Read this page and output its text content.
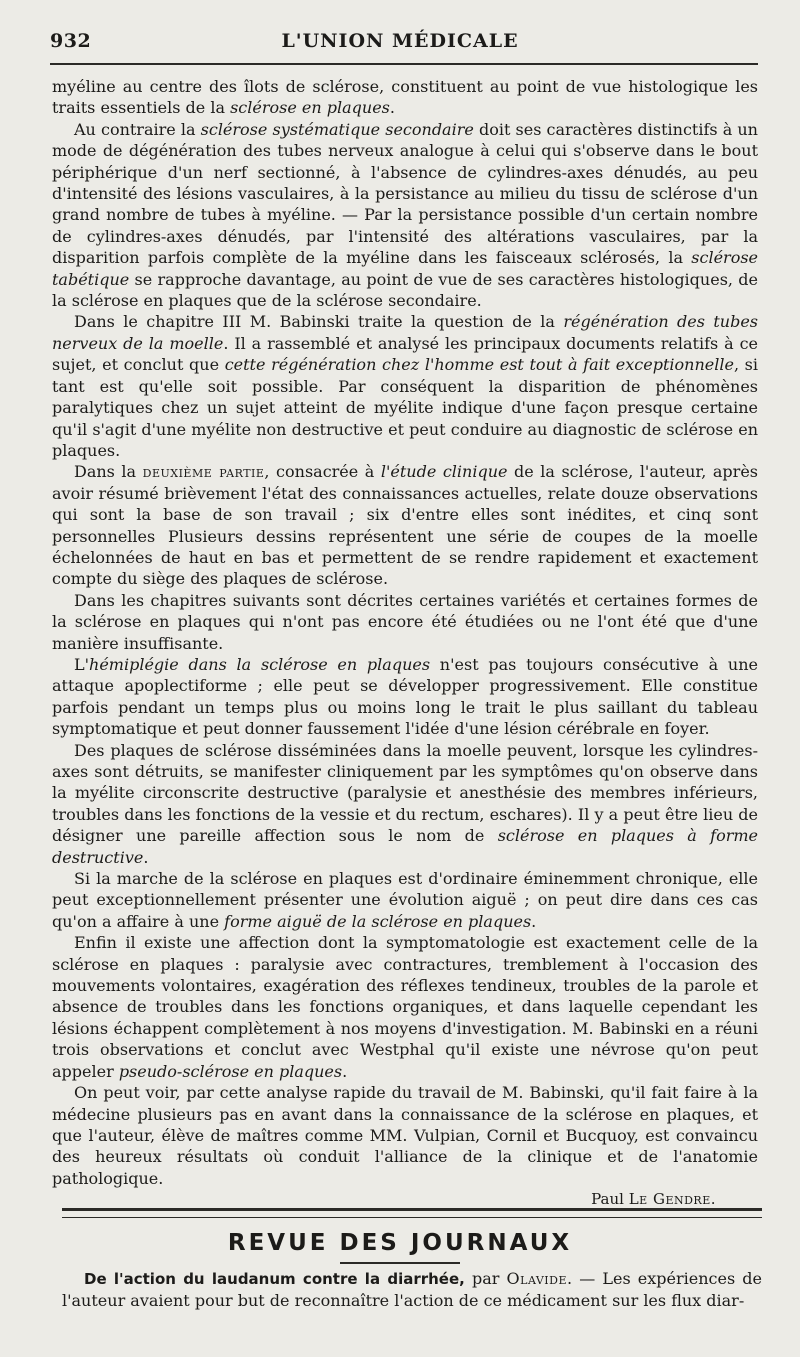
932	L'UNION MÉDICALE

myéline au centre des îlots de sclérose, constituent au point de vue histologique les traits essentiels de la sclérose en plaques.

Au contraire la sclérose systématique secondaire doit ses caractères distinctifs à un mode de dégénération des tubes nerveux analogue à celui qui s'observe dans le bout périphérique d'un nerf sectionné, à l'absence de cylindres-axes dénudés, au peu d'intensité des lésions vasculaires, à la persistance au milieu du tissu de sclérose d'un grand nombre de tubes à myéline. — Par la persistance possible d'un certain nombre de cylindres-axes dénudés, par l'intensité des altérations vasculaires, par la disparition parfois complète de la myéline dans les faisceaux sclérosés, la sclérose tabétique se rapproche davantage, au point de vue de ses caractères histologiques, de la sclérose en plaques que de la sclérose secondaire.

Dans le chapitre III M. Babinski traite la question de la régénération des tubes nerveux de la moelle. Il a rassemblé et analysé les principaux documents relatifs à ce sujet, et conclut que cette régénération chez l'homme est tout à fait exceptionnelle, si tant est qu'elle soit possible. Par conséquent la disparition de phénomènes paralytiques chez un sujet atteint de myélite indique d'une façon presque certaine qu'il s'agit d'une myélite non destructive et peut conduire au diagnostic de sclérose en plaques.

Dans la deuxième partie, consacrée à l'étude clinique de la sclérose, l'auteur, après avoir résumé brièvement l'état des connaissances actuelles, relate douze observations qui sont la base de son travail ; six d'entre elles sont inédites, et cinq sont personnelles Plusieurs dessins représentent une série de coupes de la moelle échelonnées de haut en bas et permettent de se rendre rapidement et exactement compte du siège des plaques de sclérose.

Dans les chapitres suivants sont décrites certaines variétés et certaines formes de la sclérose en plaques qui n'ont pas encore été étudiées ou ne l'ont été que d'une manière insuffisante.

L'hémiplégie dans la sclérose en plaques n'est pas toujours consécutive à une attaque apoplectiforme ; elle peut se développer progressivement. Elle constitue parfois pendant un temps plus ou moins long le trait le plus saillant du tableau symptomatique et peut donner faussement l'idée d'une lésion cérébrale en foyer.

Des plaques de sclérose disséminées dans la moelle peuvent, lorsque les cylindres-axes sont détruits, se manifester cliniquement par les symptômes qu'on observe dans la myélite circonscrite destructive (paralysie et anesthésie des membres inférieurs, troubles dans les fonctions de la vessie et du rectum, eschares). Il y a peut être lieu de désigner une pareille affection sous le nom de sclérose en plaques à forme destructive.

Si la marche de la sclérose en plaques est d'ordinaire éminemment chronique, elle peut exceptionnellement présenter une évolution aiguë ; on peut dire dans ces cas qu'on a affaire à une forme aiguë de la sclérose en plaques.

Enfin il existe une affection dont la symptomatologie est exactement celle de la sclérose en plaques : paralysie avec contractures, tremblement à l'occasion des mouvements volontaires, exagération des réflexes tendineux, troubles de la parole et absence de troubles dans les fonctions organiques, et dans laquelle cependant les lésions échappent complètement à nos moyens d'investigation. M. Babinski en a réuni trois observations et conclut avec Westphal qu'il existe une névrose qu'on peut appeler pseudo-sclérose en plaques.

On peut voir, par cette analyse rapide du travail de M. Babinski, qu'il fait faire à la médecine plusieurs pas en avant dans la connaissance de la sclérose en plaques, et que l'auteur, élève de maîtres comme MM. Vulpian, Cornil et Bucquoy, est convaincu des heureux résultats où conduit l'alliance de la clinique et de l'anatomie pathologique.

Paul Le Gendre.
REVUE DES JOURNAUX

De l'action du laudanum contre la diarrhée, par Olavide. — Les expériences de l'auteur avaient pour but de reconnaître l'action de ce médicament sur les flux diar-
